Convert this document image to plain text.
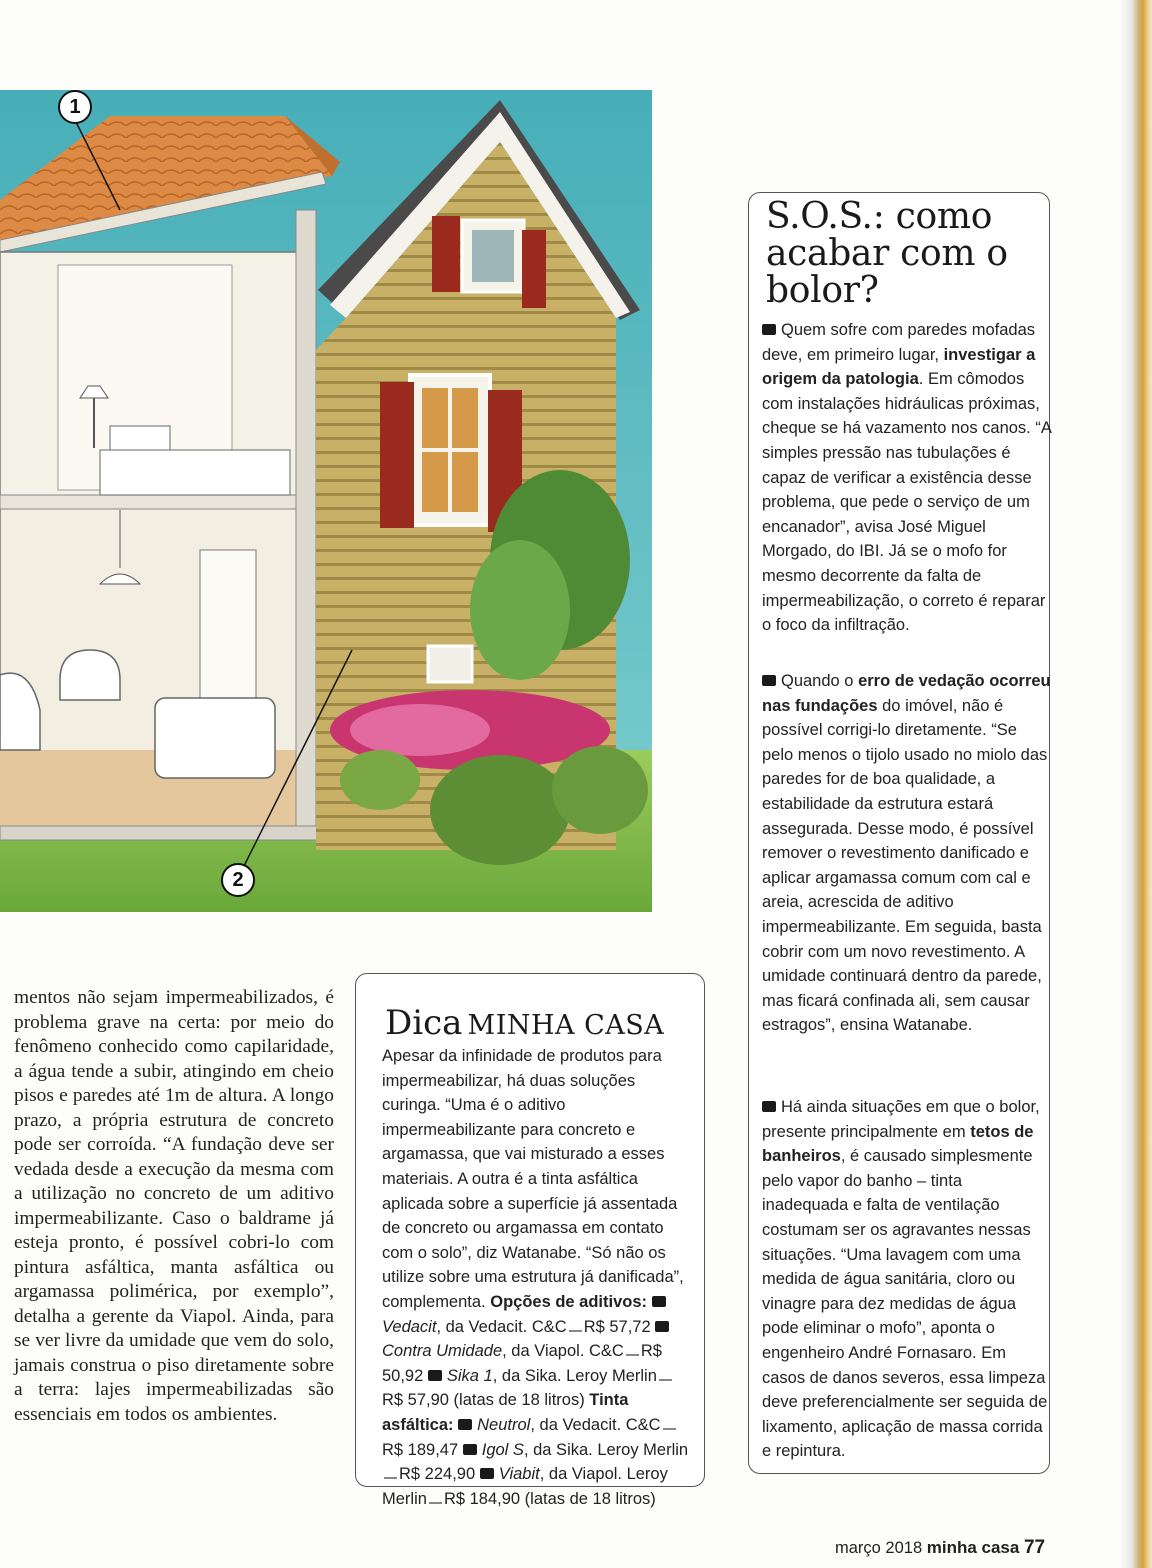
1
2

mentos não sejam impermeabilizados, é problema grave na certa: por meio do fenômeno conhecido como capilaridade, a água tende a subir, atingindo em cheio pisos e paredes até 1m de altura. A longo prazo, a própria estrutura de concreto pode ser corroída. “A fundação deve ser vedada desde a execução da mesma com a utilização no concreto de um aditivo impermeabilizante. Caso o baldrame já esteja pronto, é possível cobri-lo com pintura asfáltica, manta asfáltica ou argamassa polimérica, por exemplo”, detalha a gerente da Viapol. Ainda, para se ver livre da umidade que vem do solo, jamais construa o piso diretamente sobre a terra: lajes impermeabilizadas são essenciais em todos os ambientes.

S.O.S.: como acabar com o bolor?

Quem sofre com paredes mofadas deve, em primeiro lugar, investigar a origem da patologia. Em cômodos com instalações hidráulicas próximas, cheque se há vazamento nos canos. “A simples pressão nas tubulações é capaz de verificar a existência desse problema, que pede o serviço de um encanador”, avisa José Miguel Morgado, do IBI. Já se o mofo for mesmo decorrente da falta de impermeabilização, o correto é reparar o foco da infiltração.

Quando o erro de vedação ocorreu nas fundações do imóvel, não é possível corrigi-lo diretamente. “Se pelo menos o tijolo usado no miolo das paredes for de boa qualidade, a estabilidade da estrutura estará assegurada. Desse modo, é possível remover o revestimento danificado e aplicar argamassa comum com cal e areia, acrescida de aditivo impermeabilizante. Em seguida, basta cobrir com um novo revestimento. A umidade continuará dentro da parede, mas ficará confinada ali, sem causar estragos”, ensina Watanabe.

Há ainda situações em que o bolor, presente principalmente em tetos de banheiros, é causado simplesmente pelo vapor do banho – tinta inadequada e falta de ventilação costumam ser os agravantes nessas situações. “Uma lavagem com uma medida de água sanitária, cloro ou vinagre para dez medidas de água pode eliminar o mofo”, aponta o engenheiro André Fornasaro. Em casos de danos severos, essa limpeza deve preferencialmente ser seguida de lixamento, aplicação de massa corrida e repintura.

Dica MINHA CASA

Apesar da infinidade de produtos para impermeabilizar, há duas soluções curinga. “Uma é o aditivo impermeabilizante para concreto e argamassa, que vai misturado a esses materiais. A outra é a tinta asfáltica aplicada sobre a superfície já assentada de concreto ou argamassa em contato com o solo”, diz Watanabe. “Só não os utilize sobre uma estrutura já danificada”, complementa. Opções de aditivos: Vedacit, da Vedacit. C&C R$ 57,72 Contra Umidade, da Viapol. C&C R$ 50,92 Sika 1, da Sika. Leroy MerlinR$ 57,90 (latas de 18 litros) Tinta asfáltica: Neutrol, da Vedacit. C&CR$ 189,47 Igol S, da Sika. Leroy MerlinR$ 224,90 Viabit, da Viapol. Leroy Merlin R$ 184,90 (latas de 18 litros)

março 2018 minha casa 77
